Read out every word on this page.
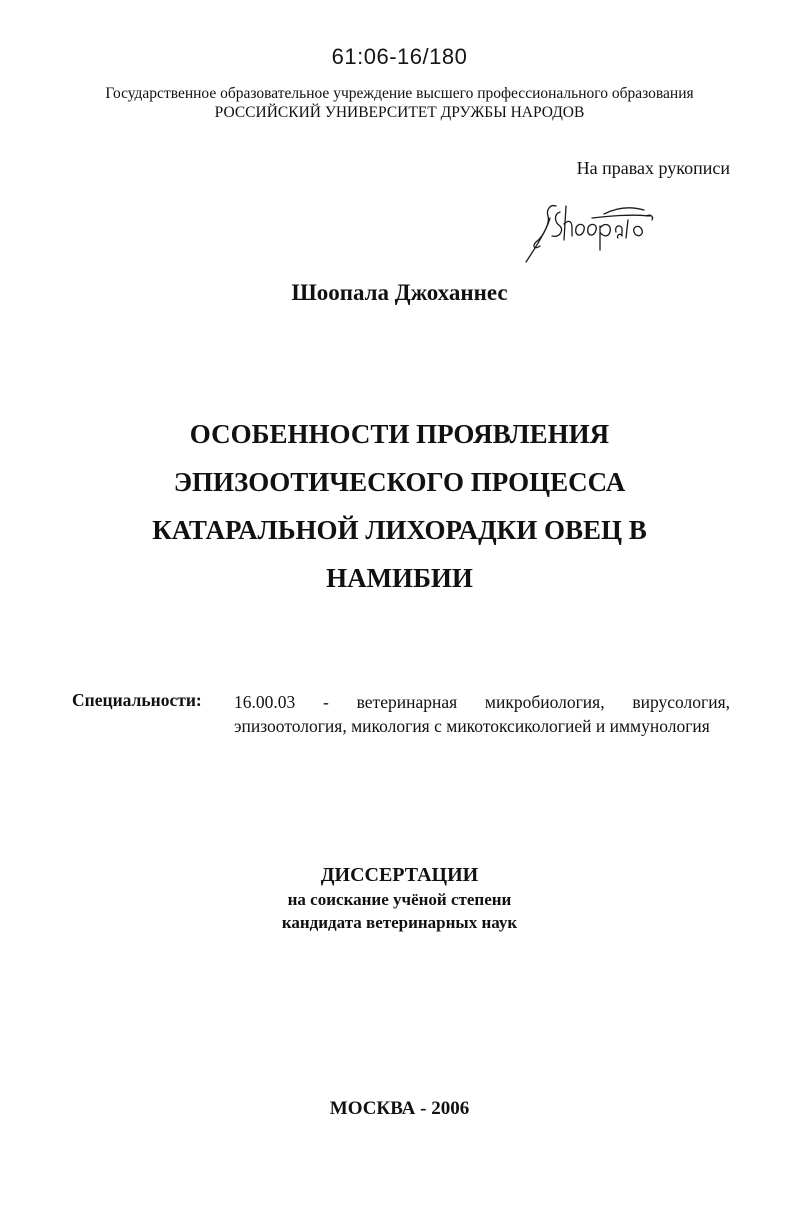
61:06-16/180
Государственное образовательное учреждение высшего профессионального образования
РОССИЙСКИЙ УНИВЕРСИТЕТ ДРУЖБЫ НАРОДОВ
На правах рукописи
Шоопала Джоханнес
ОСОБЕННОСТИ ПРОЯВЛЕНИЯ
ЭПИЗООТИЧЕСКОГО ПРОЦЕССА
КАТАРАЛЬНОЙ ЛИХОРАДКИ ОВЕЦ В
НАМИБИИ
Специальности: 16.00.03 - ветеринарная микробиология, вирусология, эпизоотология, микология с микотоксикологией и иммунология
ДИССЕРТАЦИИ
на соискание учёной степени
кандидата ветеринарных наук
МОСКВА - 2006
